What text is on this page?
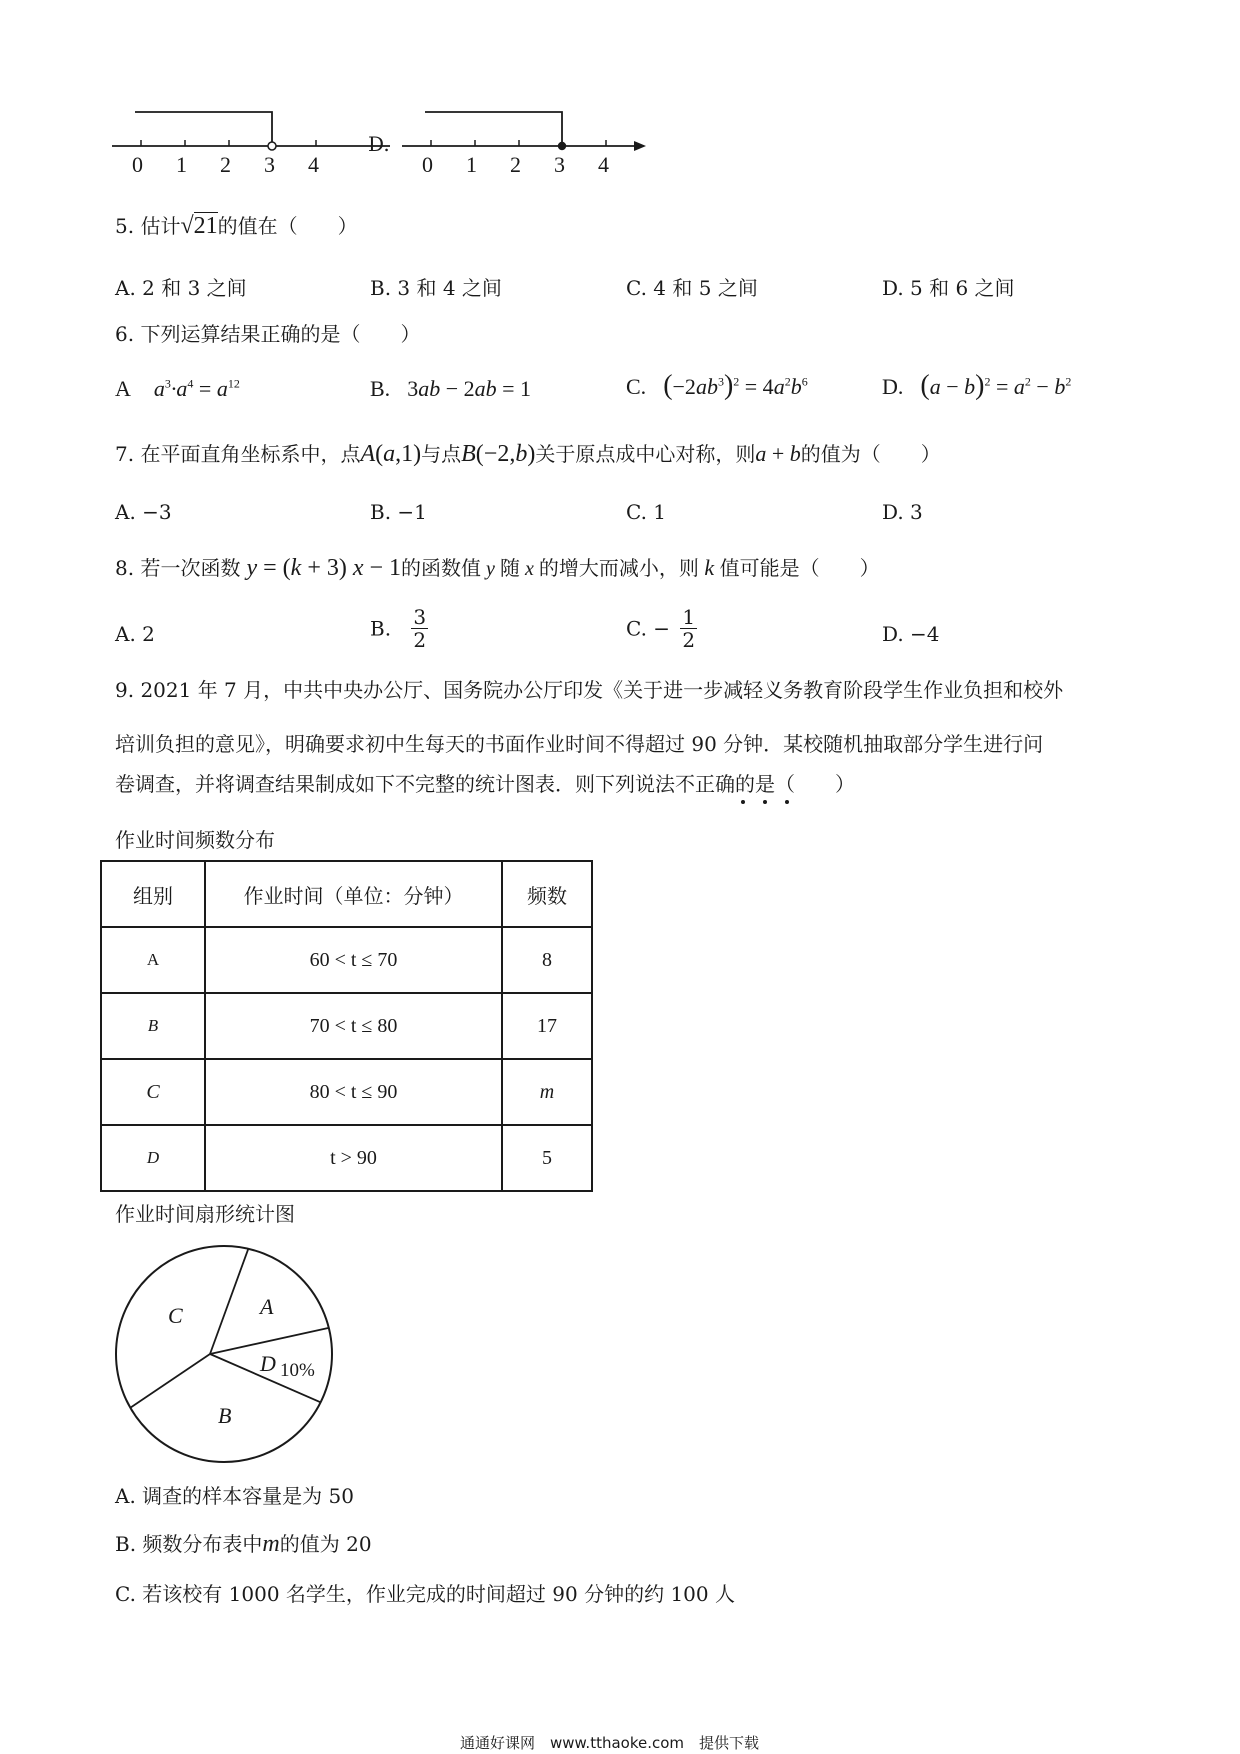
0 1 2 3 4
D.
0 1 2 3 4
5. 估计√21的值在（　　）
A. 2 和 3 之间	B. 3 和 4 之间	C. 4 和 5 之间	D. 5 和 6 之间
6. 下列运算结果正确的是（　　）
A $a^3\cdot a^4 = a^{12}$	B. 3ab − 2ab = 1	C. $(-2ab^3)^2 = 4a^2b^6$	D. $(a - b)^2 = a^2 - b^2$
7. 在平面直角坐标系中，点A(a,1)与点B(−2,b)关于原点成中心对称，则a + b的值为（　　）
A. −3	B. −1	C. 1	D. 3
8. 若一次函数 y = (k + 3) x − 1的函数值 y 随 x 的增大而减小，则 k 值可能是（　　）
A. 2	B. $\frac{3}{2}$	C. − $\frac{1}{2}$	D. −4
9. 2021 年 7 月，中共中央办公厅、国务院办公厅印发《关于进一步减轻义务教育阶段学生作业负担和校外
培训负担的意见》，明确要求初中生每天的书面作业时间不得超过 90 分钟．某校随机抽取部分学生进行问
卷调查，并将调查结果制成如下不完整的统计图表．则下列说法不正确的是（　　）
作业时间频数分布
组别	作业时间（单位：分钟）	频数
A	60 < t ≤ 70	8
B	70 < t ≤ 80	17
C	80 < t ≤ 90	m
D	t > 90	5
作业时间扇形统计图
C	A
D 10%
B
A. 调查的样本容量是为 50
B. 频数分布表中m的值为 20
C. 若该校有 1000 名学生，作业完成的时间超过 90 分钟的约 100 人
通通好课网　www.tthaoke.com　提供下载
